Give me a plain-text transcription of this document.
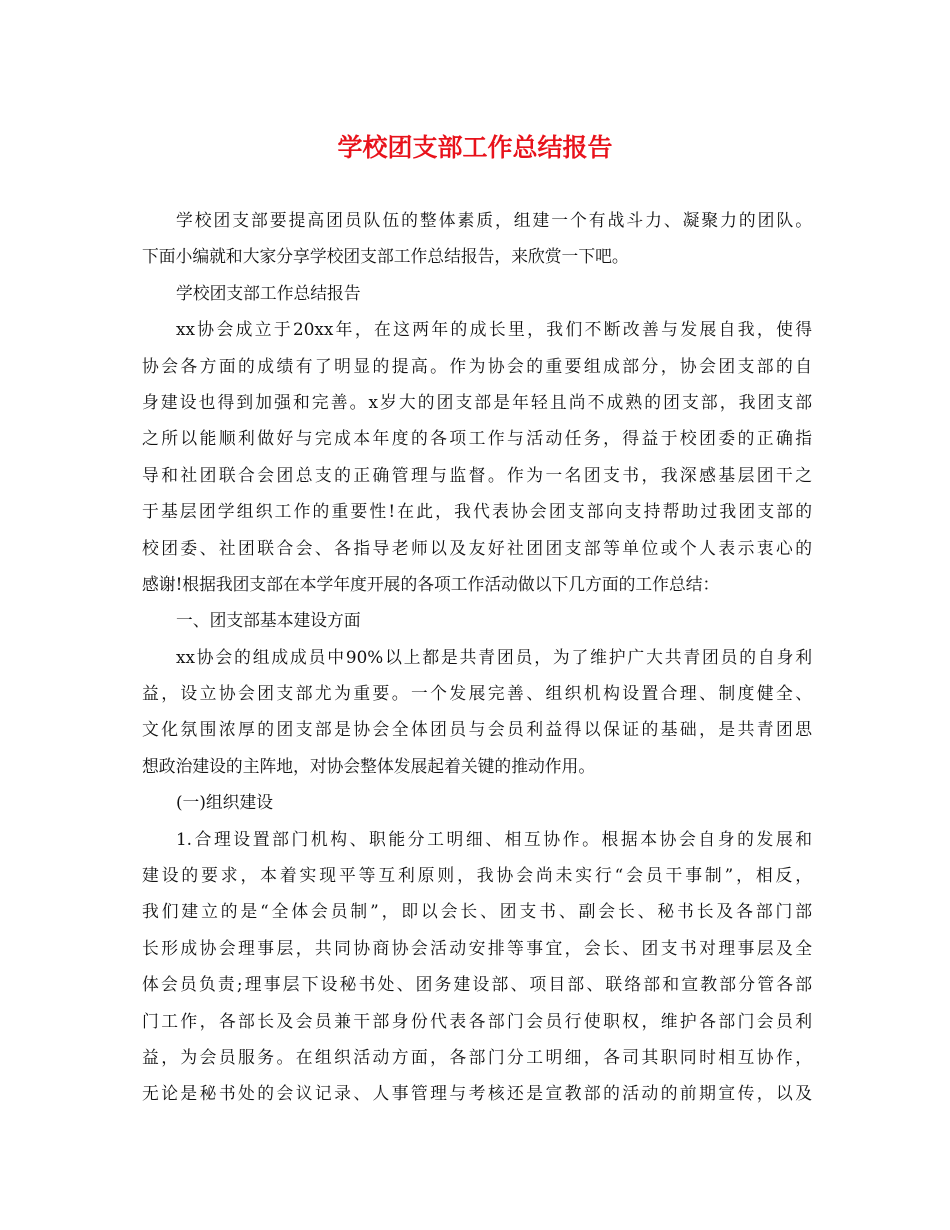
学校团支部工作总结报告
学校团支部要提高团员队伍的整体素质，组建一个有战斗力、凝聚力的团队。
下面小编就和大家分享学校团支部工作总结报告，来欣赏一下吧。
学校团支部工作总结报告
xx协会成立于20xx年，在这两年的成长里，我们不断改善与发展自我，使得
协会各方面的成绩有了明显的提高。作为协会的重要组成部分，协会团支部的自
身建设也得到加强和完善。x岁大的团支部是年轻且尚不成熟的团支部，我团支部
之所以能顺利做好与完成本年度的各项工作与活动任务，得益于校团委的正确指
导和社团联合会团总支的正确管理与监督。作为一名团支书，我深感基层团干之
于基层团学组织工作的重要性!在此，我代表协会团支部向支持帮助过我团支部的
校团委、社团联合会、各指导老师以及友好社团团支部等单位或个人表示衷心的
感谢!根据我团支部在本学年度开展的各项工作活动做以下几方面的工作总结：
一、团支部基本建设方面
xx协会的组成成员中90%以上都是共青团员，为了维护广大共青团员的自身利
益，设立协会团支部尤为重要。一个发展完善、组织机构设置合理、制度健全、
文化氛围浓厚的团支部是协会全体团员与会员利益得以保证的基础，是共青团思
想政治建设的主阵地，对协会整体发展起着关键的推动作用。
(一)组织建设
1.合理设置部门机构、职能分工明细、相互协作。根据本协会自身的发展和
建设的要求，本着实现平等互利原则，我协会尚未实行“会员干事制”，相反，
我们建立的是“全体会员制”，即以会长、团支书、副会长、秘书长及各部门部
长形成协会理事层，共同协商协会活动安排等事宜，会长、团支书对理事层及全
体会员负责;理事层下设秘书处、团务建设部、项目部、联络部和宣教部分管各部
门工作，各部长及会员兼干部身份代表各部门会员行使职权，维护各部门会员利
益，为会员服务。在组织活动方面，各部门分工明细，各司其职同时相互协作，
无论是秘书处的会议记录、人事管理与考核还是宣教部的活动的前期宣传，以及
